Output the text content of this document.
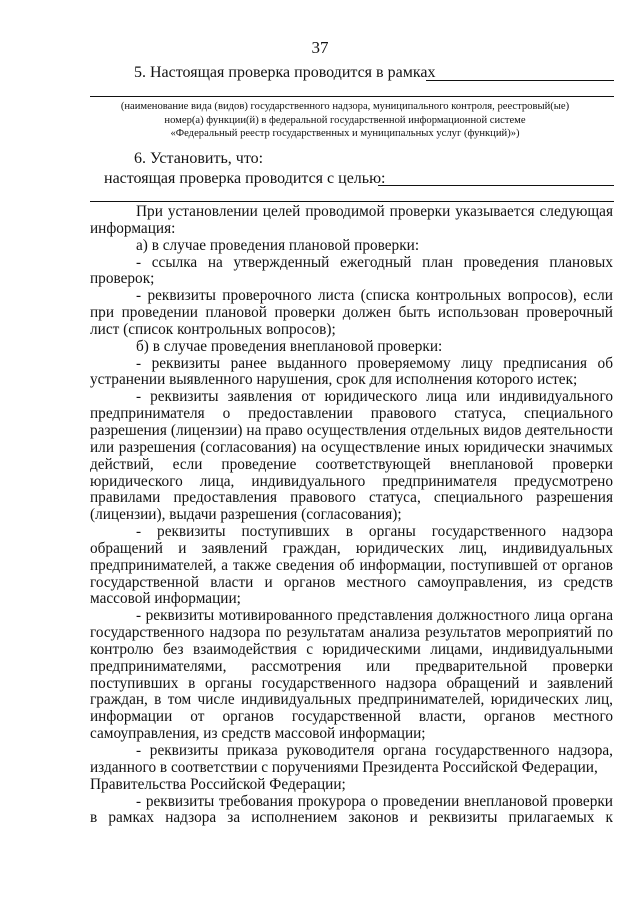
37
5. Настоящая проверка проводится в рамках
(наименование вида (видов) государственного надзора, муниципального контроля, реестровый(ые)
номер(а) функции(й) в федеральной государственной информационной системе
«Федеральный реестр государственных и муниципальных услуг (функций)»)
6. Установить, что:
настоящая проверка проводится с целью:
При установлении целей проводимой проверки указывается следующая
информация:
а) в случае проведения плановой проверки:
- ссылка на утвержденный ежегодный план проведения плановых
проверок;
- реквизиты проверочного листа (списка контрольных вопросов), если
при проведении плановой проверки должен быть использован проверочный
лист (список контрольных вопросов);
б) в случае проведения внеплановой проверки:
- реквизиты ранее выданного проверяемому лицу предписания об
устранении выявленного нарушения, срок для исполнения которого истек;
- реквизиты заявления от юридического лица или индивидуального
предпринимателя о предоставлении правового статуса, специального
разрешения (лицензии) на право осуществления отдельных видов деятельности
или разрешения (согласования) на осуществление иных юридически значимых
действий, если проведение соответствующей внеплановой проверки
юридического лица, индивидуального предпринимателя предусмотрено
правилами предоставления правового статуса, специального разрешения
(лицензии), выдачи разрешения (согласования);
- реквизиты поступивших в органы государственного надзора
обращений и заявлений граждан, юридических лиц, индивидуальных
предпринимателей, а также сведения об информации, поступившей от органов
государственной власти и органов местного самоуправления, из средств
массовой информации;
- реквизиты мотивированного представления должностного лица органа
государственного надзора по результатам анализа результатов мероприятий по
контролю без взаимодействия с юридическими лицами, индивидуальными
предпринимателями, рассмотрения или предварительной проверки
поступивших в органы государственного надзора обращений и заявлений
граждан, в том числе индивидуальных предпринимателей, юридических лиц,
информации от органов государственной власти, органов местного
самоуправления, из средств массовой информации;
- реквизиты приказа руководителя органа государственного надзора,
изданного в соответствии с поручениями Президента Российской Федерации,
Правительства Российской Федерации;
- реквизиты требования прокурора о проведении внеплановой проверки
в рамках надзора за исполнением законов и реквизиты прилагаемых к
